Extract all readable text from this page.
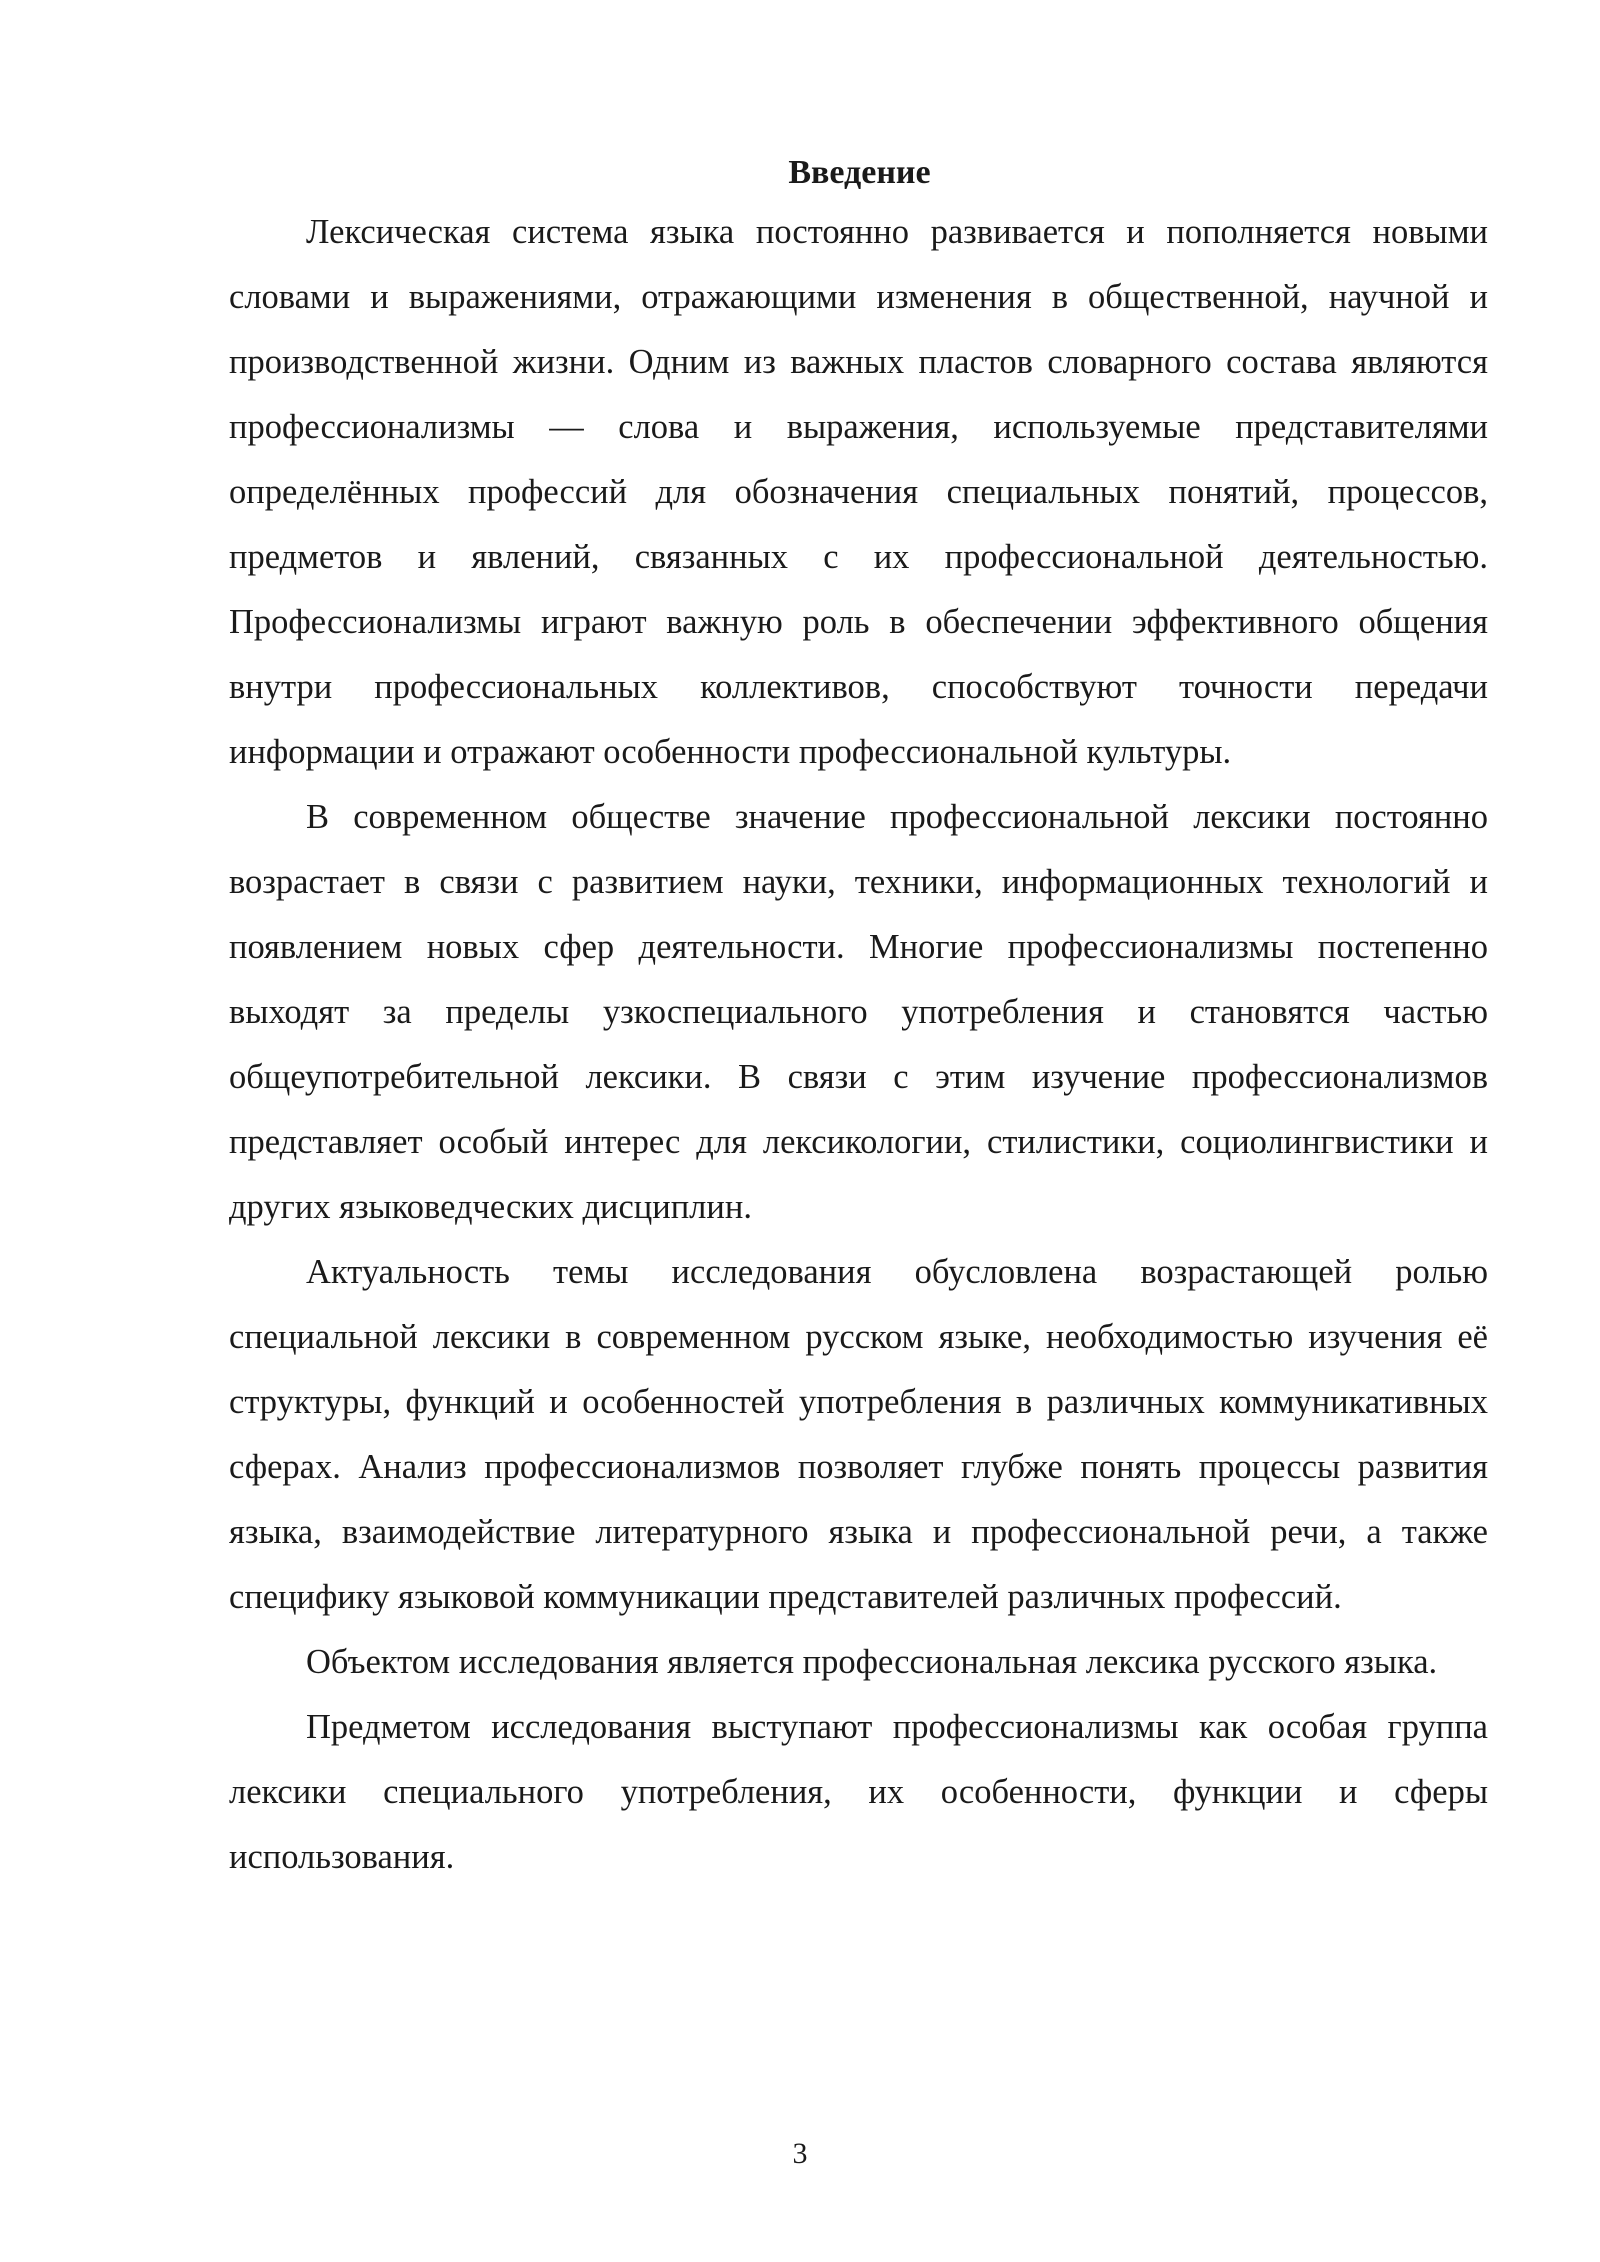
Введение

Лексическая система языка постоянно развивается и пополняется новыми словами и выражениями, отражающими изменения в общественной, научной и производственной жизни. Одним из важных пластов словарного состава являются профессионализмы — слова и выражения, используемые представителями определённых профессий для обозначения специальных понятий, процессов, предметов и явлений, связанных с их профессиональной деятельностью. Профессионализмы играют важную роль в обеспечении эффективного общения внутри профессиональных коллективов, способствуют точности передачи информации и отражают особенности профессиональной культуры.

В современном обществе значение профессиональной лексики постоянно возрастает в связи с развитием науки, техники, информационных технологий и появлением новых сфер деятельности. Многие профессионализмы постепенно выходят за пределы узкоспециального употребления и становятся частью общеупотребительной лексики. В связи с этим изучение профессионализмов представляет особый интерес для лексикологии, стилистики, социолингвистики и других языковедческих дисциплин.

Актуальность темы исследования обусловлена возрастающей ролью специальной лексики в современном русском языке, необходимостью изучения её структуры, функций и особенностей употребления в различных коммуникативных сферах. Анализ профессионализмов позволяет глубже понять процессы развития языка, взаимодействие литературного языка и профессиональной речи, а также специфику языковой коммуникации представителей различных профессий.

Объектом исследования является профессиональная лексика русского языка.

Предметом исследования выступают профессионализмы как особая группа лексики специального употребления, их особенности, функции и сферы использования.

3
